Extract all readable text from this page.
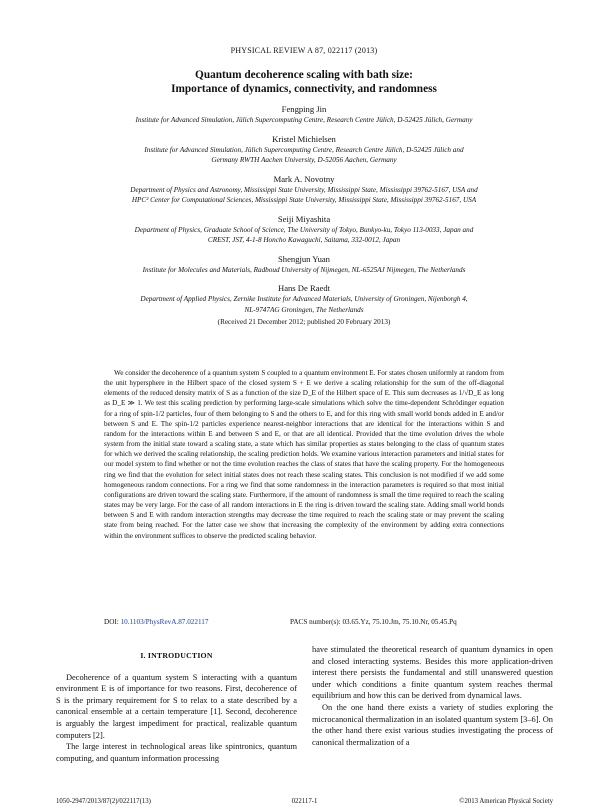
PHYSICAL REVIEW A 87, 022117 (2013)
Quantum decoherence scaling with bath size:
Importance of dynamics, connectivity, and randomness
Fengping Jin
Institute for Advanced Simulation, Jülich Supercomputing Centre, Research Centre Jülich, D-52425 Jülich, Germany
Kristel Michielsen
Institute for Advanced Simulation, Jülich Supercomputing Centre, Research Centre Jülich, D-52425 Jülich and
Germany RWTH Aachen University, D-52056 Aachen, Germany
Mark A. Novotny
Department of Physics and Astronomy, Mississippi State University, Mississippi State, Mississippi 39762-5167, USA and
HPC² Center for Computational Sciences, Mississippi State University, Mississippi State, Mississippi 39762-5167, USA
Seiji Miyashita
Department of Physics, Graduate School of Science, The University of Tokyo, Bunkyo-ku, Tokyo 113-0033, Japan and
CREST, JST, 4-1-8 Honcho Kawaguchi, Saitama, 332-0012, Japan
Shengjun Yuan
Institute for Molecules and Materials, Radboud University of Nijmegen, NL-6525AJ Nijmegen, The Netherlands
Hans De Raedt
Department of Applied Physics, Zernike Institute for Advanced Materials, University of Groningen, Nijenborgh 4,
NL-9747AG Groningen, The Netherlands
(Received 21 December 2012; published 20 February 2013)
We consider the decoherence of a quantum system S coupled to a quantum environment E. For states chosen uniformly at random from the unit hypersphere in the Hilbert space of the closed system S + E we derive a scaling relationship for the sum of the off-diagonal elements of the reduced density matrix of S as a function of the size D_E of the Hilbert space of E. This sum decreases as 1/√D_E as long as D_E ≫ 1. We test this scaling prediction by performing large-scale simulations which solve the time-dependent Schrödinger equation for a ring of spin-1/2 particles, four of them belonging to S and the others to E, and for this ring with small world bonds added in E and/or between S and E. The spin-1/2 particles experience nearest-neighbor interactions that are identical for the interactions within S and random for the interactions within E and between S and E, or that are all identical. Provided that the time evolution drives the whole system from the initial state toward a scaling state, a state which has similar properties as states belonging to the class of quantum states for which we derived the scaling relationship, the scaling prediction holds. We examine various interaction parameters and initial states for our model system to find whether or not the time evolution reaches the class of states that have the scaling property. For the homogeneous ring we find that the evolution for select initial states does not reach these scaling states. This conclusion is not modified if we add some homogeneous random connections. For a ring we find that some randomness in the interaction parameters is required so that most initial configurations are driven toward the scaling state. Furthermore, if the amount of randomness is small the time required to reach the scaling states may be very large. For the case of all random interactions in E the ring is driven toward the scaling state. Adding small world bonds between S and E with random interaction strengths may decrease the time required to reach the scaling state or may prevent the scaling state from being reached. For the latter case we show that increasing the complexity of the environment by adding extra connections within the environment suffices to observe the predicted scaling behavior.
DOI: 10.1103/PhysRevA.87.022117	PACS number(s): 03.65.Yz, 75.10.Jm, 75.10.Nr, 05.45.Pq
I. INTRODUCTION

Decoherence of a quantum system S interacting with a quantum environment E is of importance for two reasons. First, decoherence of S is the primary requirement for S to relax to a state described by a canonical ensemble at a certain temperature [1]. Second, decoherence is arguably the largest impediment for practical, realizable quantum computers [2].

The large interest in technological areas like spintronics, quantum computing, and quantum information processing

have stimulated the theoretical research of quantum dynamics in open and closed interacting systems. Besides this more application-driven interest there persists the fundamental and still unanswered question under which conditions a finite quantum system reaches thermal equilibrium and how this can be derived from dynamical laws.

On the one hand there exists a variety of studies exploring the microcanonical thermalization in an isolated quantum system [3–6]. On the other hand there exist various studies investigating the process of canonical thermalization of a

1050-2947/2013/87(2)/022117(13)	022117-1	©2013 American Physical Society
